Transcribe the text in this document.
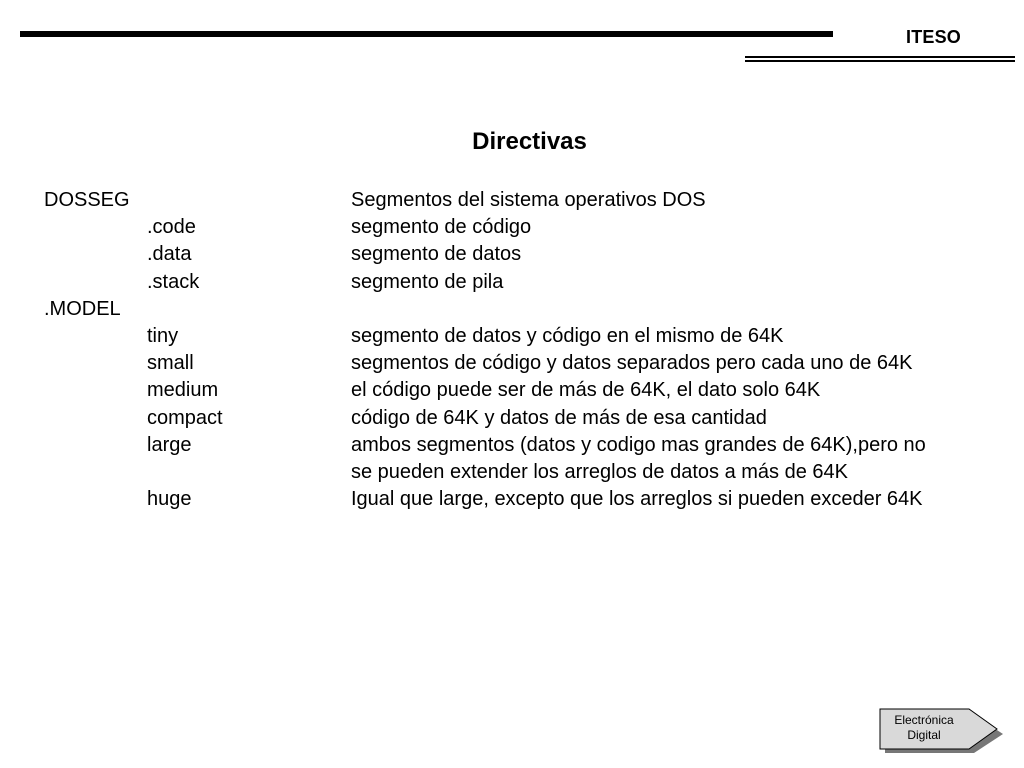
ITESO
Directivas
DOSSEG	Segmentos del sistema operativos DOS
.code	segmento de código
.data	segmento de datos
.stack	segmento de pila
.MODEL
tiny	segmento de datos y código en el mismo de 64K
small	segmentos de código y datos separados pero cada uno de 64K
medium	el código puede ser de más de 64K, el dato solo 64K
compact	código de 64K y datos de más de esa cantidad
large	ambos segmentos (datos y codigo mas grandes de 64K),pero no
se pueden extender los arreglos de datos a más de 64K
huge	Igual que large, excepto que los arreglos si pueden exceder 64K
Electrónica
Digital
